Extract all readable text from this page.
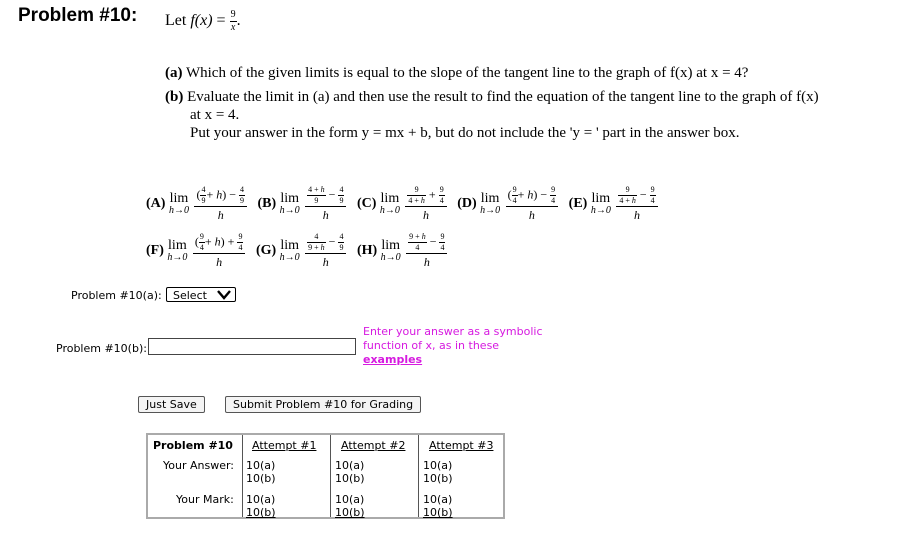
Problem #10: Let $f(x) = \frac{9}{x}$ .
(a) Which of the given limits is equal to the slope of the tangent line to the graph of f(x) at x = 4?
(b) Evaluate the limit in (a) and then use the result to find the equation of the tangent line to the graph of f(x)
at x = 4.
Put your answer in the form y = mx + b, but do not include the 'y = ' part in the answer box.
(A) lim
h→0
$\frac{( \frac{4}{9} + h) - \frac{4}{9}}{h} (B)$ lim
h→0
$\frac{\frac{4 + h}{9} - \frac{4}{9}}{h} (C)$ lim
h→0
$\frac{\frac{9}{4 + h} + \frac{9}{4}}{h} (D)$ lim
h→0
$\frac{( \frac{9}{4} + h) - \frac{9}{4}}{h} (E)$ lim
h→0
$\frac{\frac{9}{4 + h} - \frac{9}{4}}{h}$
(F) lim
h→0
$\frac{( \frac{9}{4} + h) + \frac{9}{4}}{h} (G)$ lim
h→0
$\frac{\frac{4}{9 + h} - \frac{4}{9}}{h} (H)$ lim
h→0
$\frac{\frac{9 + h}{4} - \frac{9}{4}}{h}$
Problem #10(a):	Select
Problem #10(b):
Enter your answer as a symbolic
function of x, as in these
examples
Just Save	Submit Problem #10 for Grading
Problem #10
Your Answer:
Your Mark:
Attempt #1
10(a)
10(b)
10(a)
10(b)
Attempt #2
10(a)
10(b)
10(a)
10(b)
Attempt #3
10(a)
10(b)
10(a)
10(b)
